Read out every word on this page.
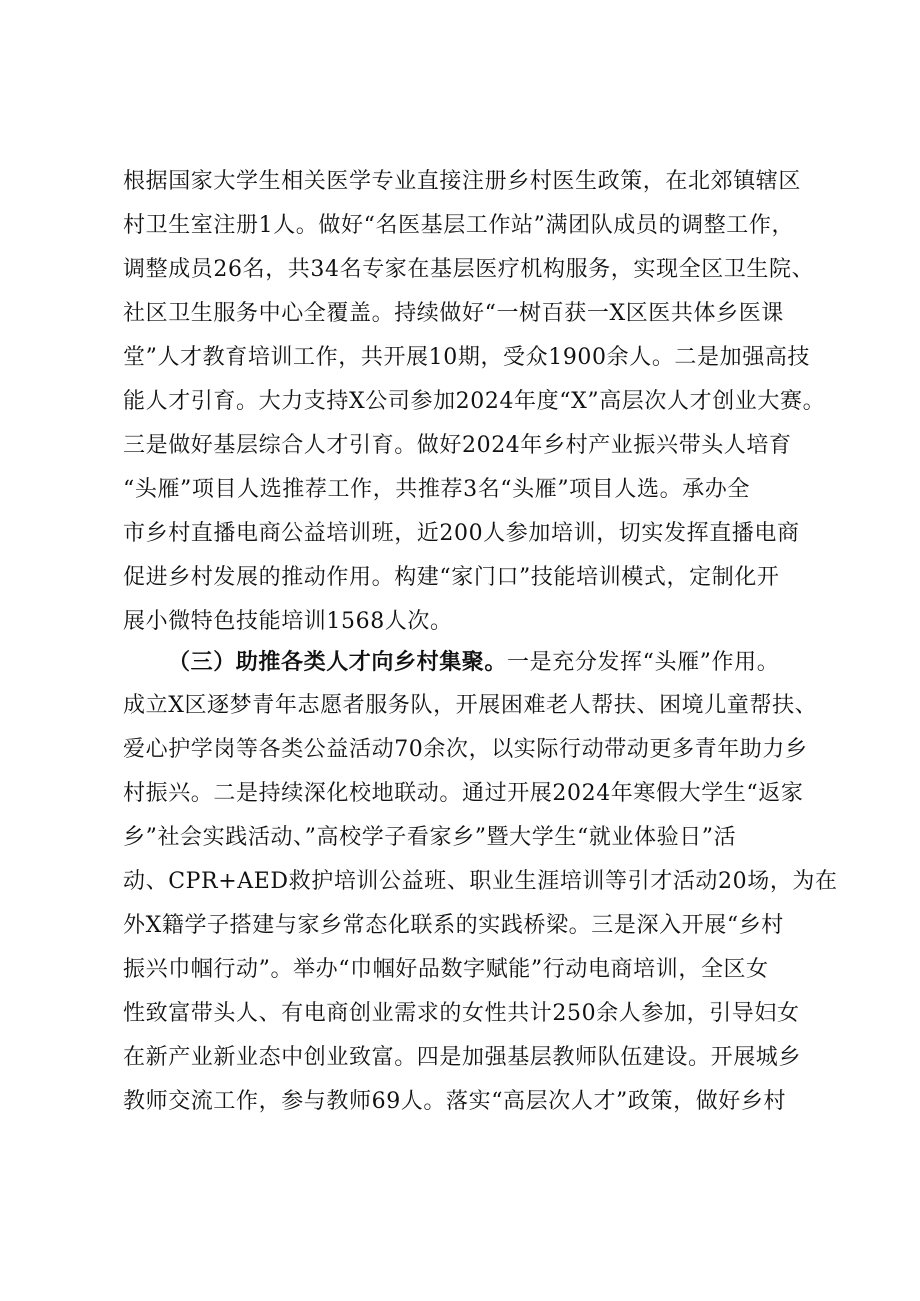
根据国家大学生相关医学专业直接注册乡村医生政策，在北郊镇辖区
村卫生室注册1人。做好“名医基层工作站”满团队成员的调整工作，
调整成员26名，共34名专家在基层医疗机构服务，实现全区卫生院、
社区卫生服务中心全覆盖。持续做好“一树百获一X区医共体乡医课
堂”人才教育培训工作，共开展10期，受众1900余人。二是加强高技
能人才引育。大力支持X公司参加2024年度“X”高层次人才创业大赛。
三是做好基层综合人才引育。做好2024年乡村产业振兴带头人培育
“头雁”项目人选推荐工作，共推荐3名“头雁”项目人选。承办全
市乡村直播电商公益培训班，近200人参加培训，切实发挥直播电商
促进乡村发展的推动作用。构建“家门口”技能培训模式，定制化开
展小微特色技能培训1568人次。
（三）助推各类人才向乡村集聚。一是充分发挥“头雁”作用。
成立X区逐梦青年志愿者服务队，开展困难老人帮扶、困境儿童帮扶、
爱心护学岗等各类公益活动70余次，以实际行动带动更多青年助力乡
村振兴。二是持续深化校地联动。通过开展2024年寒假大学生“返家
乡”社会实践活动、”高校学子看家乡”暨大学生“就业体验日”活
动、CPR+AED救护培训公益班、职业生涯培训等引才活动20场，为在
外X籍学子搭建与家乡常态化联系的实践桥梁。三是深入开展“乡村
振兴巾帼行动”。举办“巾帼好品数字赋能”行动电商培训，全区女
性致富带头人、有电商创业需求的女性共计250余人参加，引导妇女
在新产业新业态中创业致富。四是加强基层教师队伍建设。开展城乡
教师交流工作，参与教师69人。落实“高层次人才”政策，做好乡村
